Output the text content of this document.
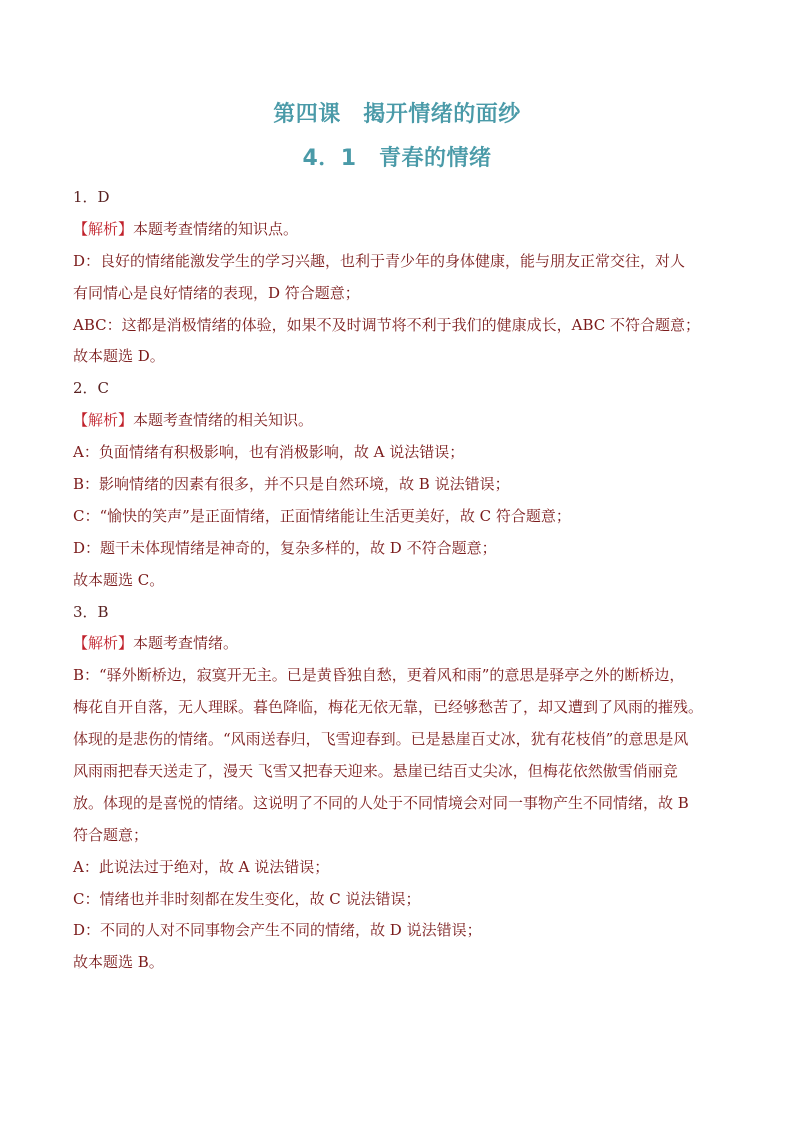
第四课　揭开情绪的面纱
4．1　青春的情绪
1．D
【解析】本题考查情绪的知识点。
D：良好的情绪能激发学生的学习兴趣，也利于青少年的身体健康，能与朋友正常交往，对人
有同情心是良好情绪的表现，D 符合题意；
ABC：这都是消极情绪的体验，如果不及时调节将不利于我们的健康成长，ABC 不符合题意；
故本题选 D。
2．C
【解析】本题考查情绪的相关知识。
A：负面情绪有积极影响，也有消极影响，故 A 说法错误；
B：影响情绪的因素有很多，并不只是自然环境，故 B 说法错误；
C：“愉快的笑声”是正面情绪，正面情绪能让生活更美好，故 C 符合题意；
D：题干未体现情绪是神奇的，复杂多样的，故 D 不符合题意；
故本题选 C。
3．B
【解析】本题考查情绪。
B：“驿外断桥边，寂寞开无主。已是黄昏独自愁，更着风和雨”的意思是驿亭之外的断桥边，
梅花自开自落，无人理睬。暮色降临，梅花无依无靠，已经够愁苦了，却又遭到了风雨的摧残。
体现的是悲伤的情绪。“风雨送春归，飞雪迎春到。已是悬崖百丈冰，犹有花枝俏”的意思是风
风雨雨把春天送走了，漫天 飞雪又把春天迎来。悬崖已结百丈尖冰，但梅花依然傲雪俏丽竞
放。体现的是喜悦的情绪。这说明了不同的人处于不同情境会对同一事物产生不同情绪，故 B
符合题意；
A：此说法过于绝对，故 A 说法错误；
C：情绪也并非时刻都在发生变化，故 C 说法错误；
D：不同的人对不同事物会产生不同的情绪，故 D 说法错误；
故本题选 B。
